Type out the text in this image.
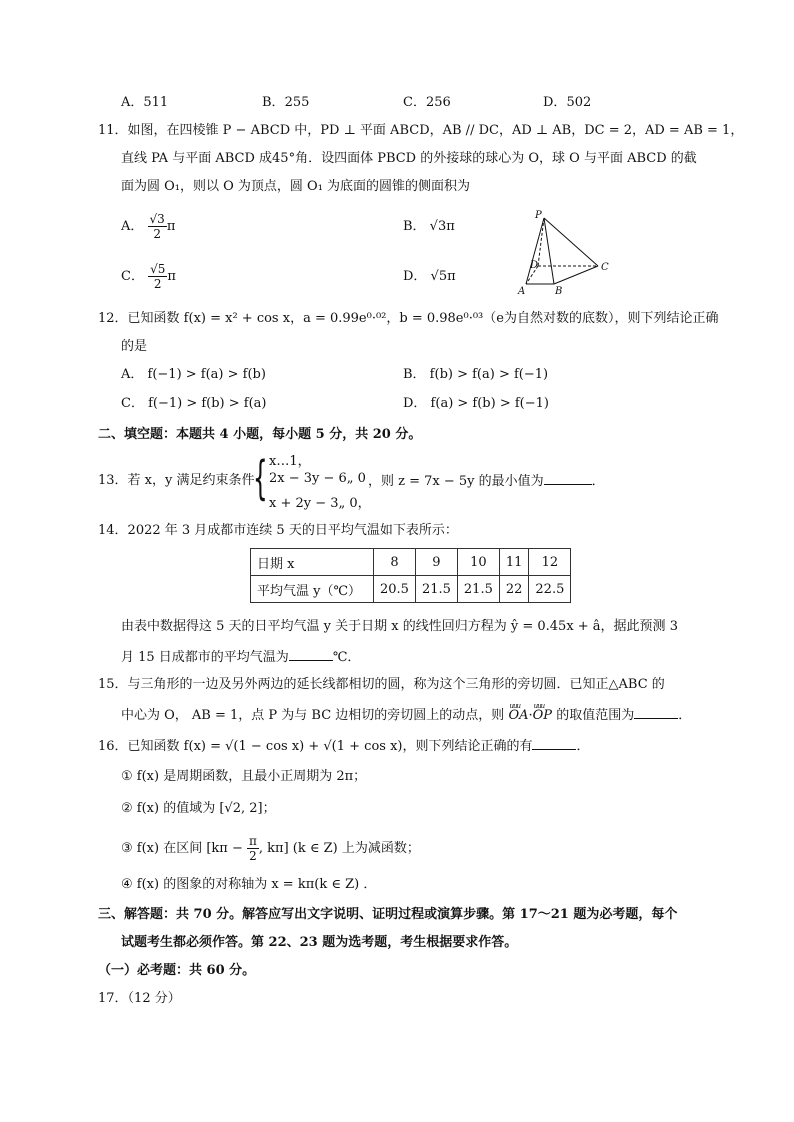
A．511	B．255	C．256	D．502
11．如图，在四棱锥 P − ABCD 中，PD ⊥ 平面 ABCD，AB // DC，AD ⊥ AB，DC = 2，AD = AB = 1，
直线 PA 与平面 ABCD 成45°角．设四面体 PBCD 的外接球的球心为 O，球 O 与平面 ABCD 的截
面为圆 O₁，则以 O 为顶点，圆 O₁ 为底面的圆锥的侧面积为
A． $\frac{√3}{2}$ π	B． √3π
C． $\frac{√5}{2}$ π	D． √5π
P
D	C
A	B
12．已知函数 f(x) = x² + cos x，a = 0.99e⁰·⁰²，b = 0.98e⁰·⁰³（e为自然对数的底数），则下列结论正确
的是
A． f(−1) > f(a) > f(b)	B． f(b) > f(a) > f(−1)
C． f(−1) > f(b) > f(a)	D． f(a) > f(b) > f(−1)
二、填空题：本题共 4 小题，每小题 5 分，共 20 分。
13．若 x，y 满足约束条件
{ x…1，
2x − 3y − 6„ 0
x + 2y − 3„ 0，
，则 z = 7x − 5y 的最小值为	．
14．2022 年 3 月成都市连续 5 天的日平均气温如下表所示：
日期 x	8	9	10	11	12
平均气温 y（℃）	20.5	21.5	21.5	22	22.5
由表中数据得这 5 天的日平均气温 y 关于日期 x 的线性回归方程为 ŷ = 0.45x + â，据此预测 3
月 15 日成都市的平均气温为	℃．
15．与三角形的一边及另外两边的延长线都相切的圆，称为这个三角形的旁切圆．已知正△ABC 的
中心为 O， AB = 1，点 P 为与 BC 边相切的旁切圆上的动点，则 uuu OA·uuu OP 的取值范围为	．
16．已知函数 f(x) = √(1 − cos x) + √(1 + cos x)，则下列结论正确的有	．
① f(x) 是周期函数，且最小正周期为 2π；
② f(x) 的值域为 [√2, 2]；
③ f(x) 在区间 [$k\pi - \frac{\pi}{2}$ , kπ] (k ∈ Z) 上为减函数；
④ f(x) 的图象的对称轴为 x = kπ(k ∈ Z) ．
三、解答题：共 70 分。解答应写出文字说明、证明过程或演算步骤。第 17～21 题为必考题，每个
试题考生都必须作答。第 22、23 题为选考题，考生根据要求作答。
（一）必考题：共 60 分。
17．（12 分）
